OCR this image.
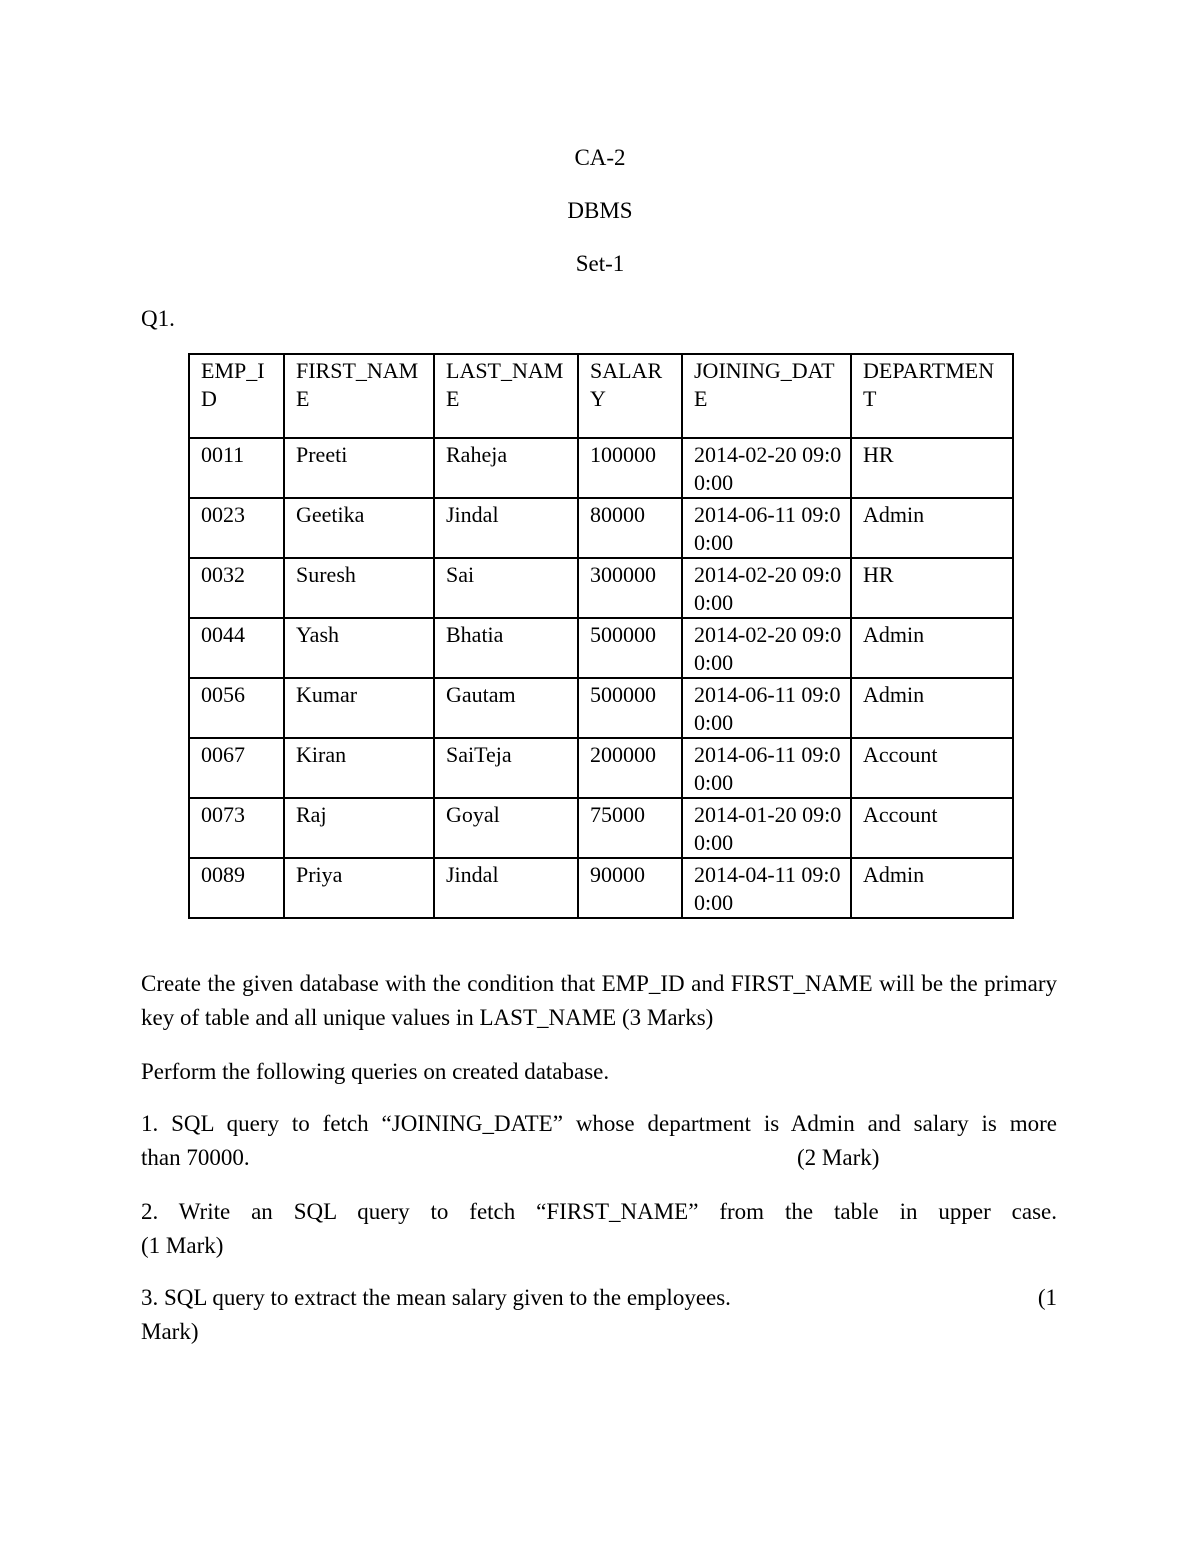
CA-2
DBMS
Set-1
Q1.
EMP_ID	FIRST_NAME	LAST_NAME	SALARY	JOINING_DATE	DEPARTMENT
0011	Preeti	Raheja	100000	2014-02-20 09:00:00	HR
0023	Geetika	Jindal	80000	2014-06-11 09:00:00	Admin
0032	Suresh	Sai	300000	2014-02-20 09:00:00	HR
0044	Yash	Bhatia	500000	2014-02-20 09:00:00	Admin
0056	Kumar	Gautam	500000	2014-06-11 09:00:00	Admin
0067	Kiran	SaiTeja	200000	2014-06-11 09:00:00	Account
0073	Raj	Goyal	75000	2014-01-20 09:00:00	Account
0089	Priya	Jindal	90000	2014-04-11 09:00:00	Admin
Create the given database with the condition that EMP_ID and FIRST_NAME will be the primary key of table and all unique values in LAST_NAME (3 Marks)
Perform the following queries on created database.
1. SQL query to fetch “JOINING_DATE” whose department is Admin and salary is more
than 70000.	(2 Mark)
2. Write an SQL query to fetch “FIRST_NAME” from the table in upper case.
(1 Mark)
3. SQL query to extract the mean salary given to the employees.	(1
Mark)
